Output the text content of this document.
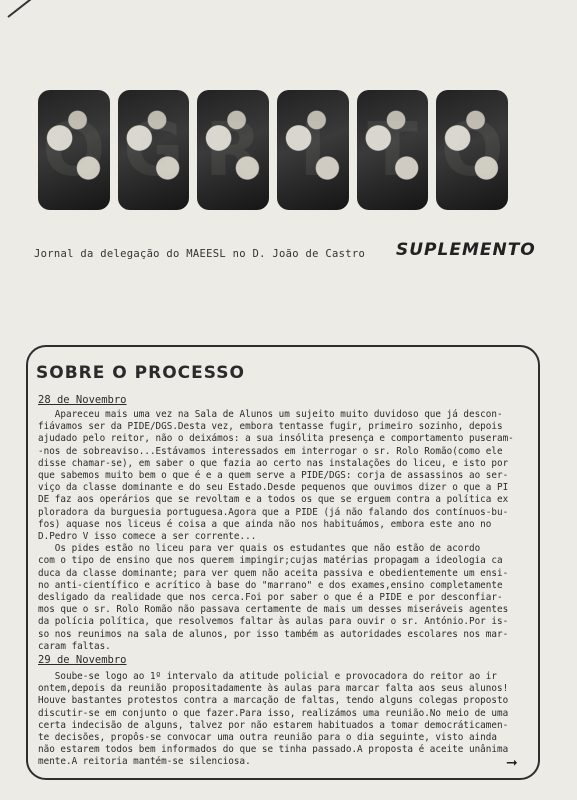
O G R I T O
Jornal da delegação do MAEESL no D. João de Castro SUPLEMENTO
SOBRE O PROCESSO
28 de Novembro
Apareceu mais uma vez na Sala de Alunos um sujeito muito duvidoso que já descon-
fiávamos ser da PIDE/DGS.Desta vez, embora tentasse fugir, primeiro sozinho, depois
ajudado pelo reitor, não o deixámos: a sua insólita presença e comportamento puseram-
-nos de sobreaviso...Estávamos interessados em interrogar o sr. Rolo Romão(como ele
disse chamar-se), em saber o que fazia ao certo nas instalações do liceu, e isto por
que sabemos muito bem o que é e a quem serve a PIDE/DGS: corja de assassinos ao ser-
viço da classe dominante e do seu Estado.Desde pequenos que ouvimos dizer o que a PI
DE faz aos operários que se revoltam e a todos os que se erguem contra a política ex
ploradora da burguesia portuguesa.Agora que a PIDE (já não falando dos contínuos-bu-
fos) aquase nos liceus é coisa a que ainda não nos habituámos, embora este ano no
D.Pedro V isso comece a ser corrente...
Os pides estão no liceu para ver quais os estudantes que não estão de acordo
com o tipo de ensino que nos querem impingir;cujas matérias propagam a ideologia ca
duca da classe dominante; para ver quem não aceita passiva e obedientemente um ensi-
no anti-científico e acrítico à base do "marrano" e dos exames,ensino completamente
desligado da realidade que nos cerca.Foi por saber o que é a PIDE e por desconfiar-
mos que o sr. Rolo Romão não passava certamente de mais um desses miseráveis agentes
da polícia política, que resolvemos faltar às aulas para ouvir o sr. António.Por is-
so nos reunimos na sala de alunos, por isso também as autoridades escolares nos mar-
caram faltas.
29 de Novembro
Soube-se logo ao 1º intervalo da atitude policial e provocadora do reitor ao ir
ontem,depois da reunião propositadamente às aulas para marcar falta aos seus alunos!
Houve bastantes protestos contra a marcação de faltas, tendo alguns colegas proposto
discutir-se em conjunto o que fazer.Para isso, realizámos uma reunião.No meio de uma
certa indecisão de alguns, talvez por não estarem habituados a tomar democráticamen-
te decisões, propôs-se convocar uma outra reunião para o dia seguinte, visto ainda
não estarem todos bem informados do que se tinha passado.A proposta é aceite unânima
mente.A reitoria mantém-se silenciosa.	➞
